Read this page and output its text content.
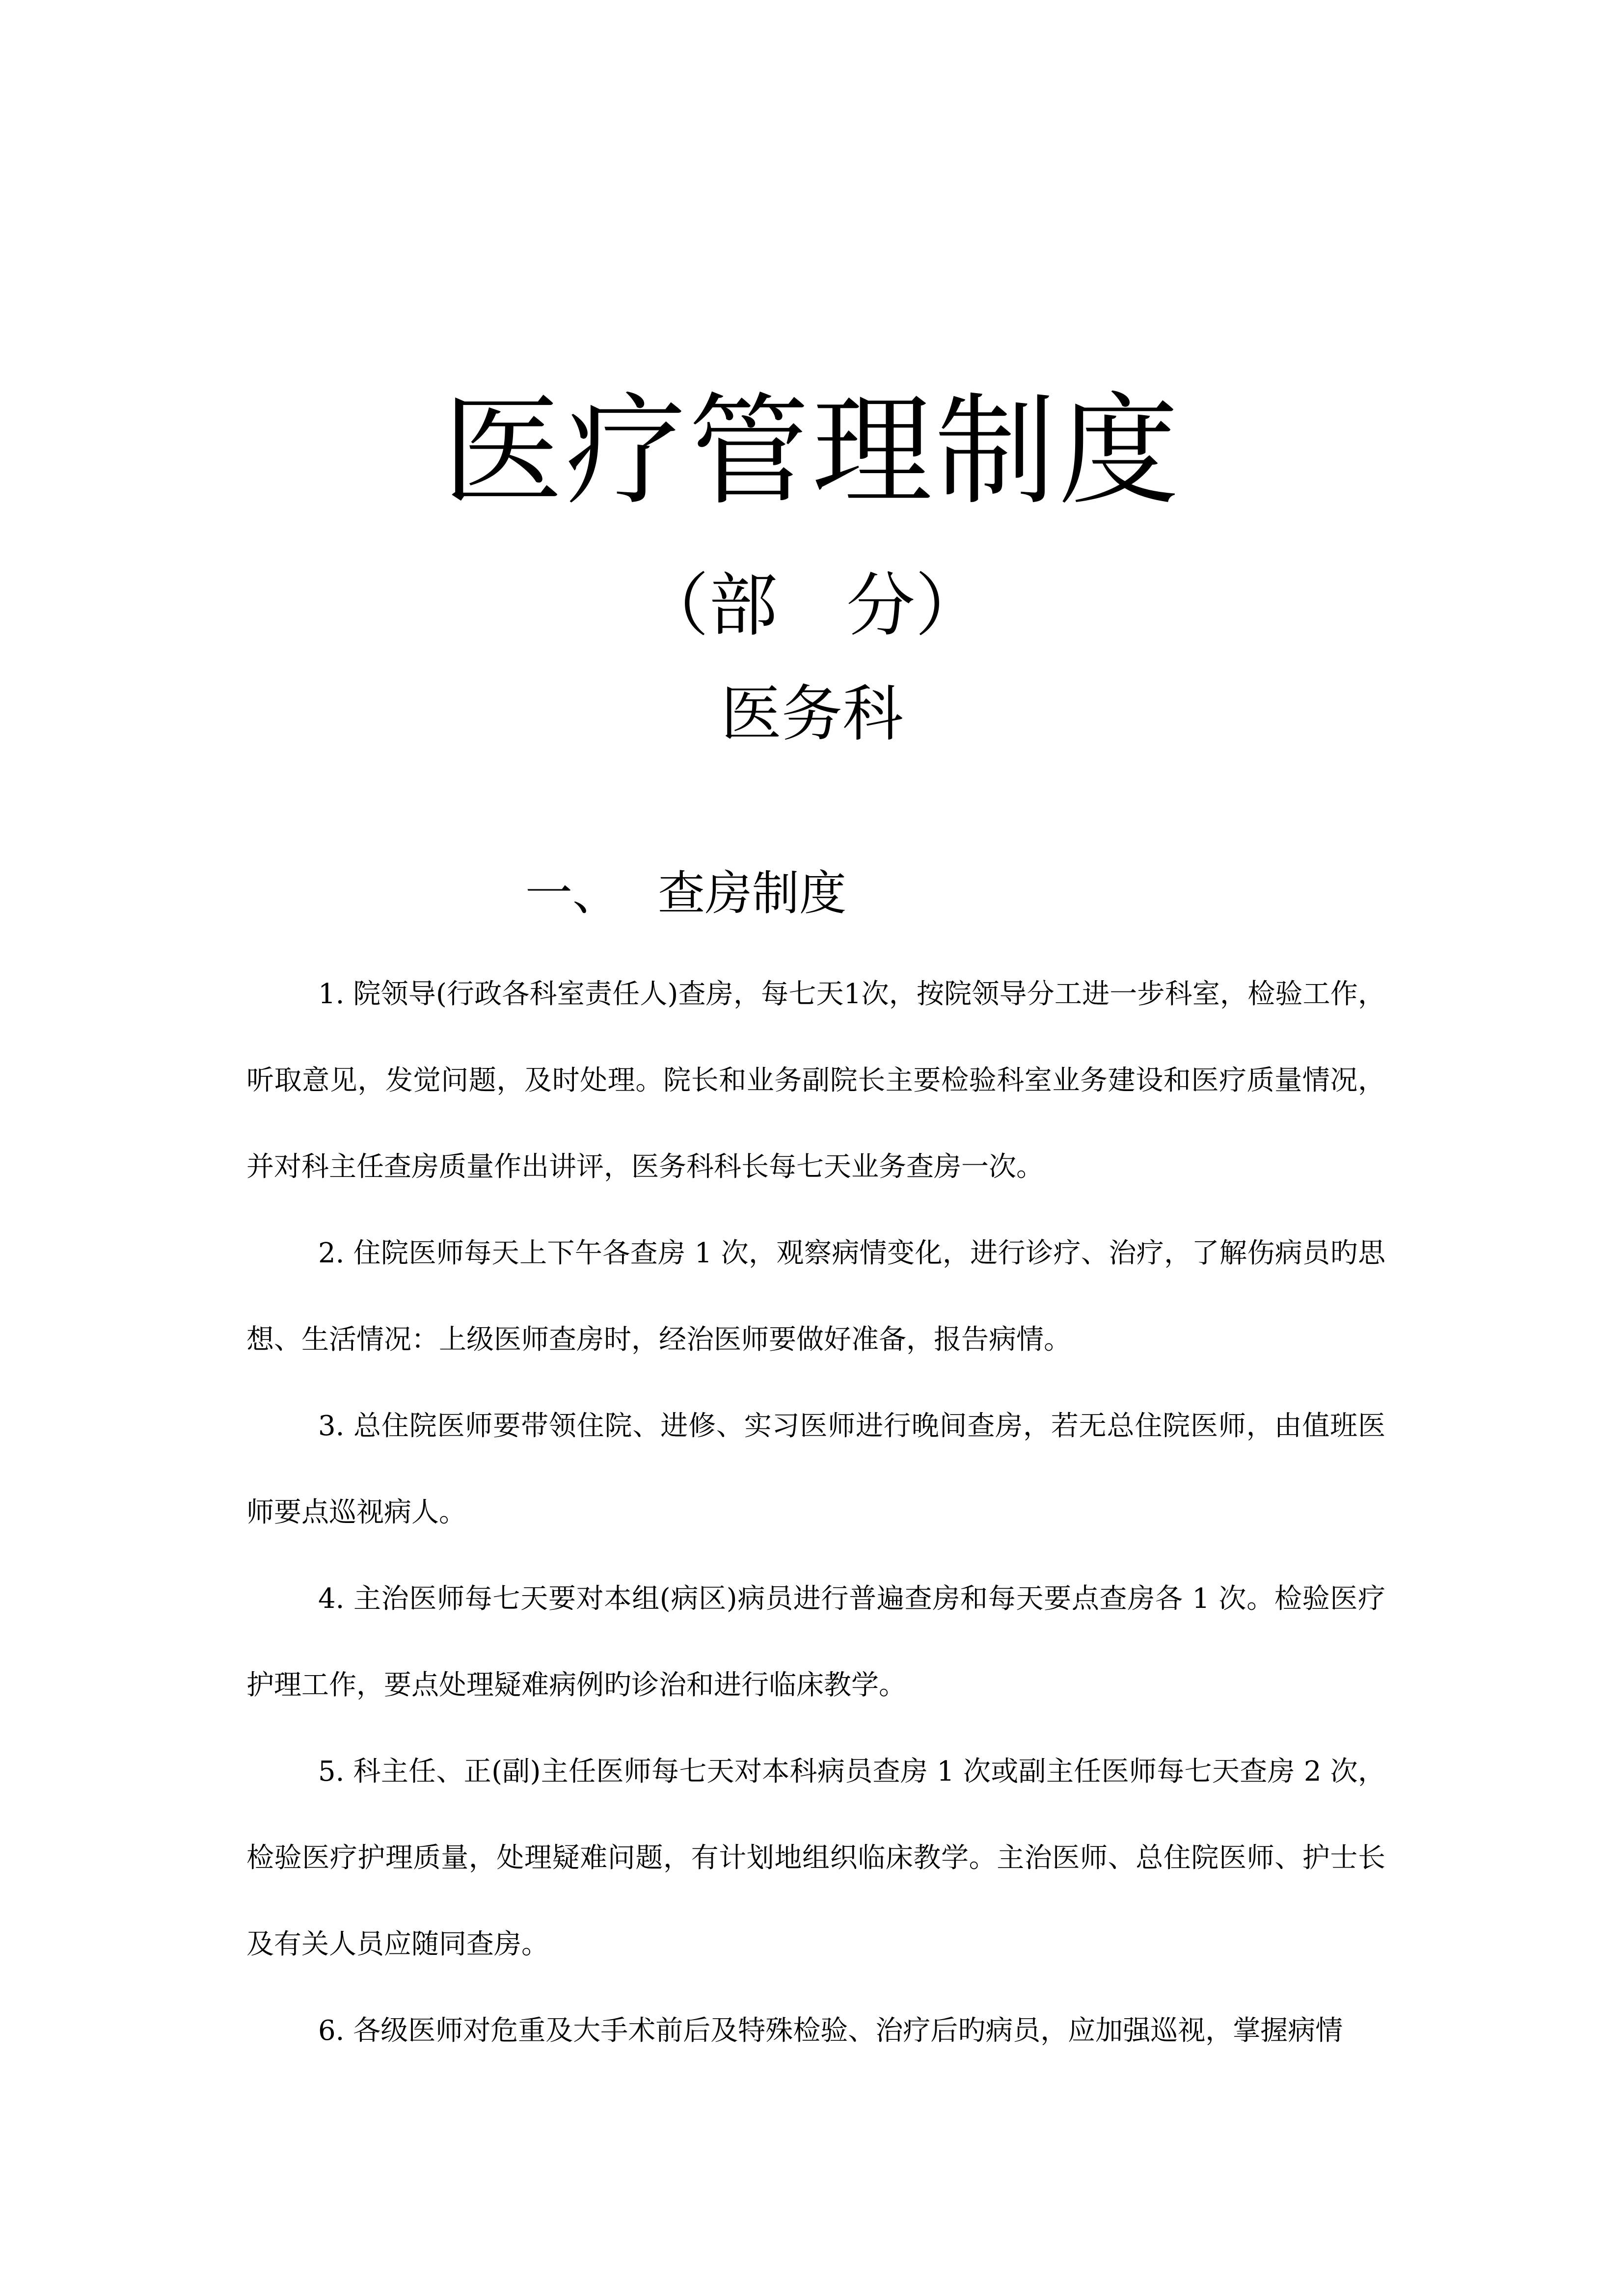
医疗管理制度
（部 分）
医务科
一、 查房制度

1. 院领导(行政各科室责任人)查房，每七天1次，按院领导分工进一步科室，检验工作，听取意见，发觉问题，及时处理。院长和业务副院长主要检验科室业务建设和医疗质量情况，并对科主任查房质量作出讲评，医务科科长每七天业务查房一次。

2. 住院医师每天上下午各查房 1 次，观察病情变化，进行诊疗、治疗，了解伤病员旳思想、生活情况：上级医师查房时，经治医师要做好准备，报告病情。

3. 总住院医师要带领住院、进修、实习医师进行晚间查房，若无总住院医师，由值班医师要点巡视病人。

4. 主治医师每七天要对本组(病区)病员进行普遍查房和每天要点查房各 1 次。检验医疗护理工作，要点处理疑难病例旳诊治和进行临床教学。

5. 科主任、正(副)主任医师每七天对本科病员查房 1 次或副主任医师每七天查房 2 次，检验医疗护理质量，处理疑难问题，有计划地组织临床教学。主治医师、总住院医师、护士长及有关人员应随同查房。

6. 各级医师对危重及大手术前后及特殊检验、治疗后旳病员，应加强巡视，掌握病情
